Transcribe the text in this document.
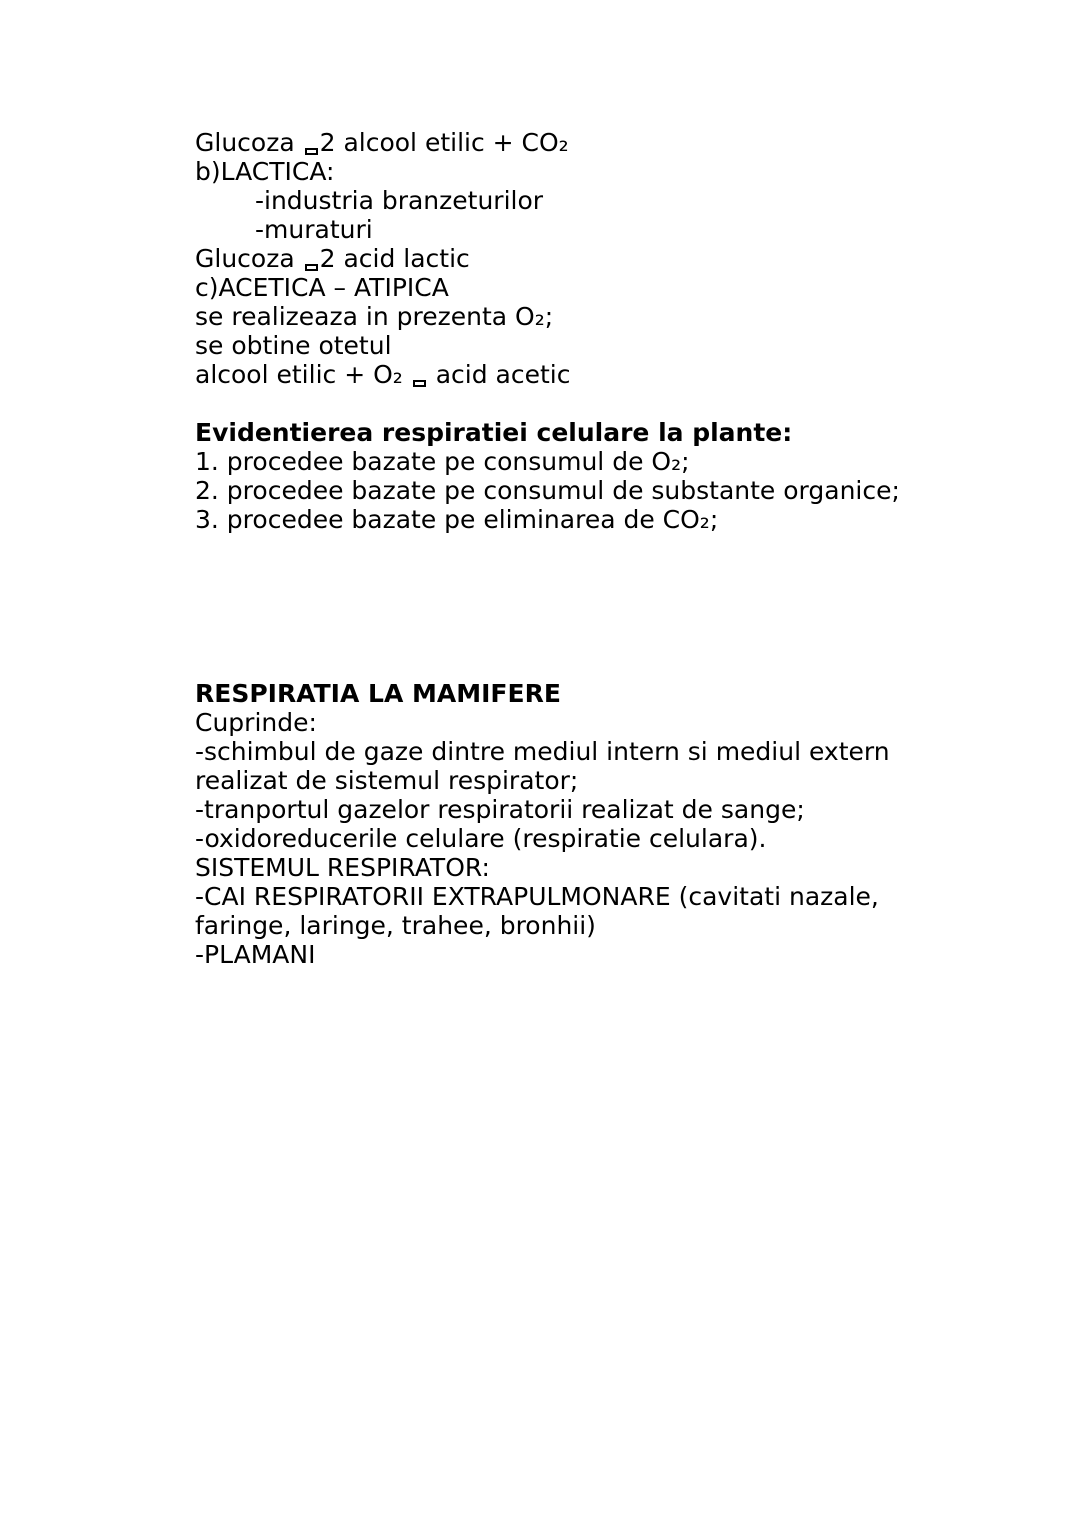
Glucoza 2 alcool etilic + CO₂
b)LACTICA:
-industria branzeturilor
-muraturi
Glucoza 2 acid lactic
c)ACETICA – ATIPICA
se realizeaza in prezenta O₂;
se obtine otetul
alcool etilic + O₂  acid acetic
Evidentierea respiratiei celulare la plante:
1. procedee bazate pe consumul de O₂;
2. procedee bazate pe consumul de substante organice;
3. procedee bazate pe eliminarea de CO₂;
RESPIRATIA LA MAMIFERE
Cuprinde:
-schimbul de gaze dintre mediul intern si mediul extern
realizat de sistemul respirator;
-tranportul gazelor respiratorii realizat de sange;
-oxidoreducerile celulare (respiratie celulara).
SISTEMUL RESPIRATOR:
-CAI RESPIRATORII EXTRAPULMONARE (cavitati nazale,
faringe, laringe, trahee, bronhii)
-PLAMANI
